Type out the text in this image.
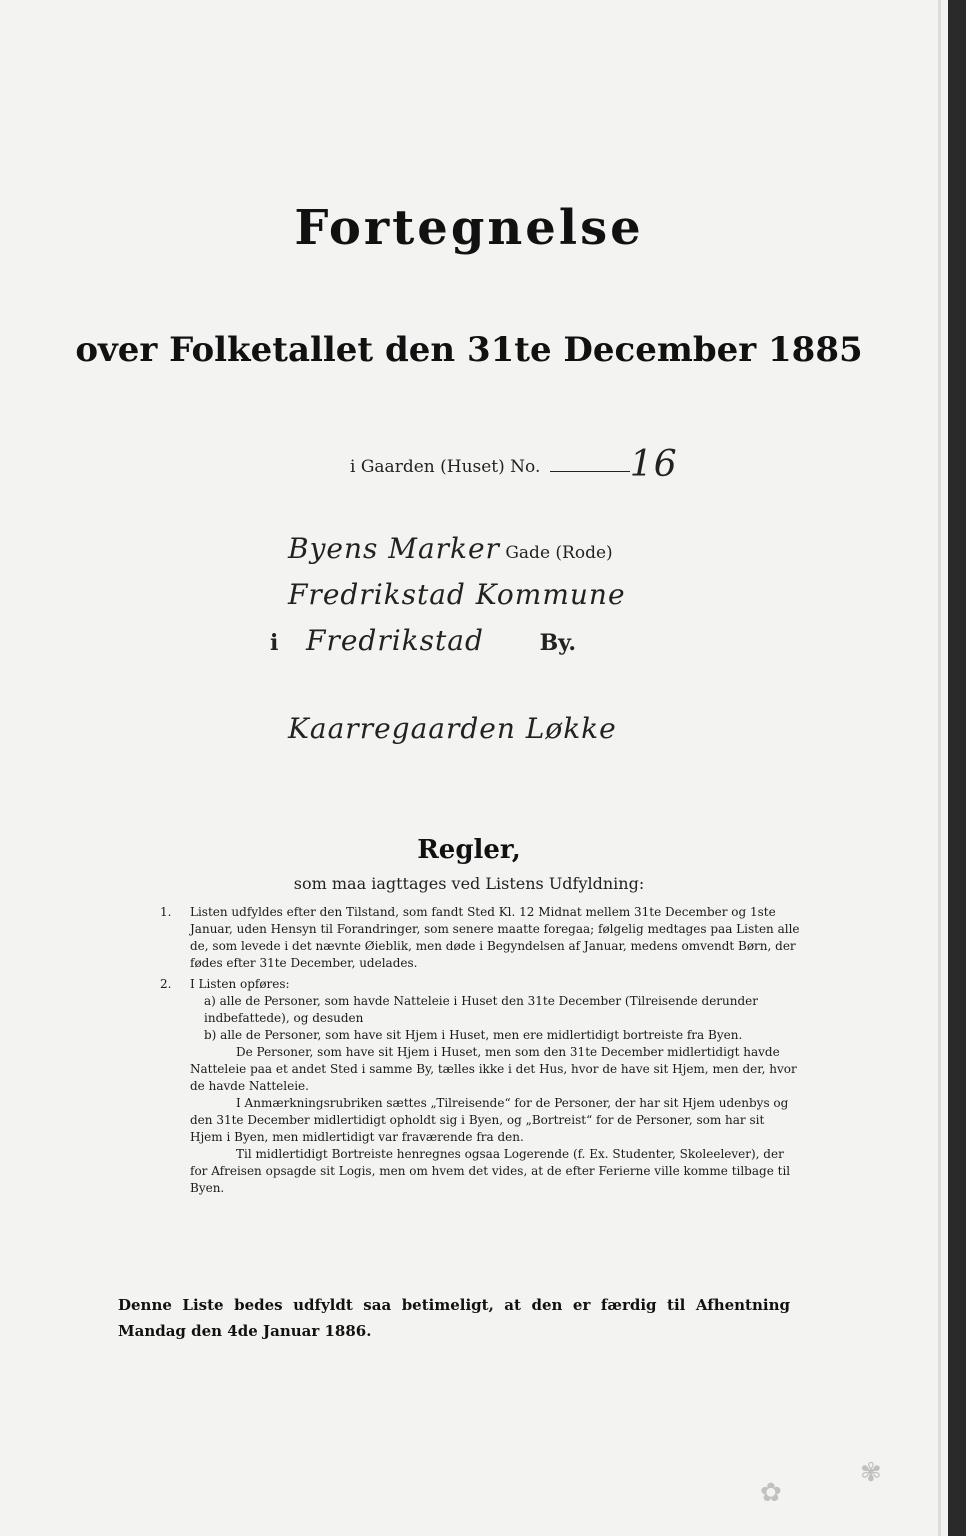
Fortegnelse
over Folketallet den 31te December 1885
i Gaarden (Huset) No. 16
Byens Marker Gade (Rode)
Fredrikstad Kommune
i Fredrikstad	By.
Kaarregaarden Løkke
Regler,
som maa iagttages ved Listens Udfyldning:
1. Listen udfyldes efter den Tilstand, som fandt Sted Kl. 12 Midnat mellem 31te December og 1ste Januar, uden Hensyn til Forandringer, som senere maatte foregaa; følgelig medtages paa Listen alle de, som levede i det nævnte Øieblik, men døde i Begyndelsen af Januar, medens omvendt Børn, der fødes efter 31te December, udelades.
2. I Listen opføres:
a) alle de Personer, som havde Natteleie i Huset den 31te December (Tilreisende derunder indbefattede), og desuden
b) alle de Personer, som have sit Hjem i Huset, men ere midlertidigt bortreiste fra Byen.
De Personer, som have sit Hjem i Huset, men som den 31te December midlertidigt havde Natteleie paa et andet Sted i samme By, tælles ikke i det Hus, hvor de have sit Hjem, men der, hvor de havde Natteleie.
I Anmærkningsrubriken sættes „Tilreisende“ for de Personer, der har sit Hjem udenbys og den 31te December midlertidigt opholdt sig i Byen, og „Bortreist“ for de Personer, som har sit Hjem i Byen, men midlertidigt var fraværende fra den.
Til midlertidigt Bortreiste henregnes ogsaa Logerende (f. Ex. Studenter, Skoleelever), der for Afreisen opsagde sit Logis, men om hvem det vides, at de efter Ferierne ville komme tilbage til Byen.
Denne Liste bedes udfyldt saa betimeligt, at den er færdig til Afhentning Mandag den 4de Januar 1886.
✿
✾
